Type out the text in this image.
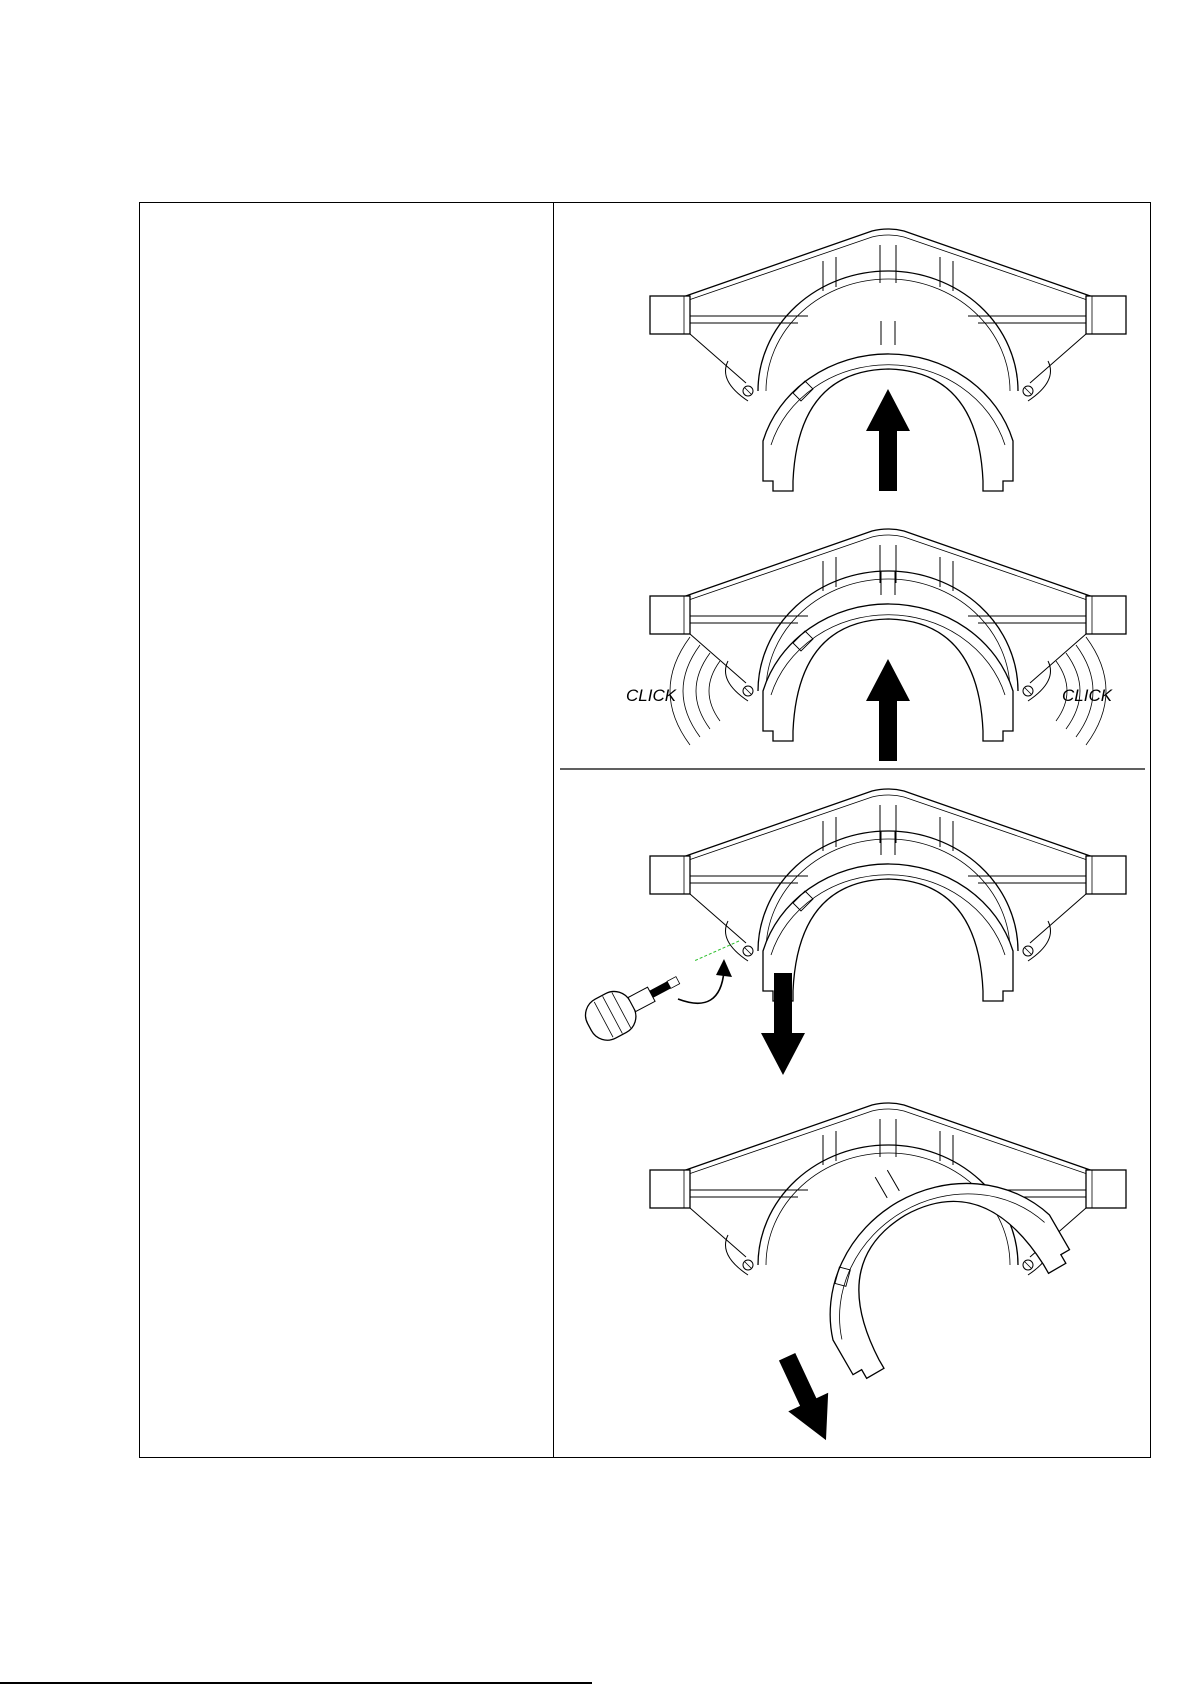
CLICK	CLICK
